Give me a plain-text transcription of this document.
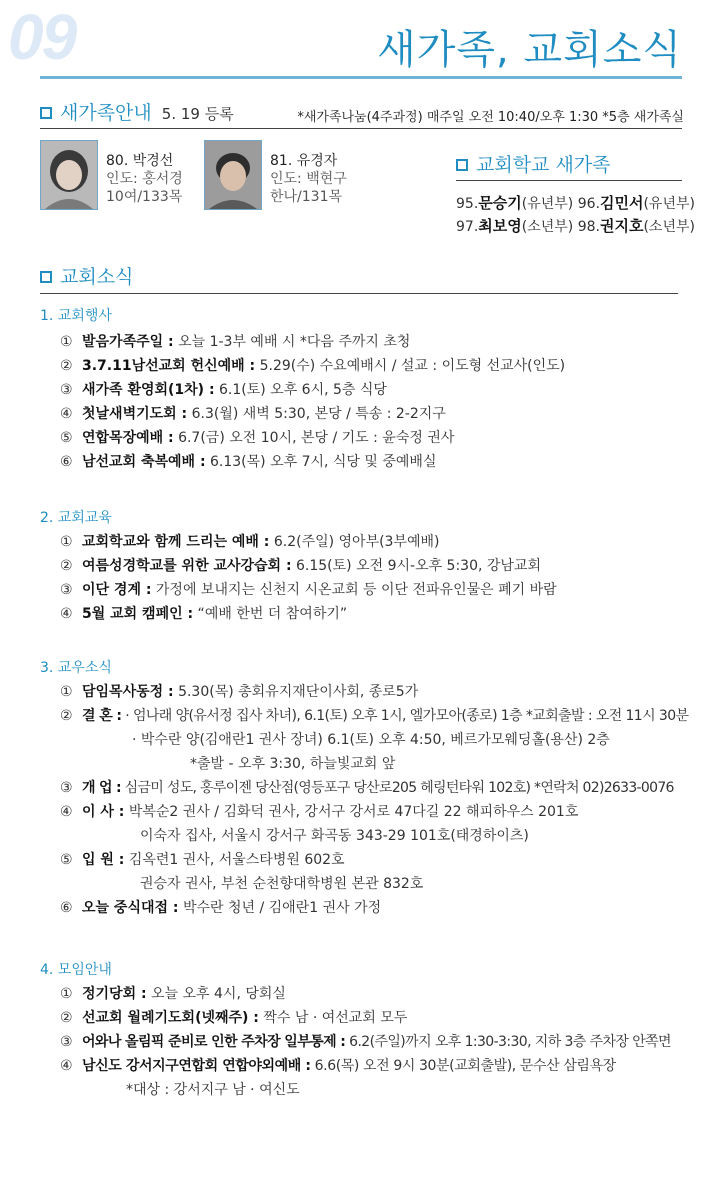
09	새가족, 교회소식
새가족안내 5. 19 등록	*새가족나눔(4주과정) 매주일 오전 10:40/오후 1:30 *5층 새가족실
80. 박경선
인도: 홍서경
10여/133목
81. 유경자
인도: 백현구
한나/131목
교회학교 새가족
95.문승기(유년부) 96.김민서(유년부)
97.최보영(소년부) 98.권지호(소년부)
교회소식
1. 교회행사
① 발음가족주일 : 오늘 1-3부 예배 시 *다음 주까지 초청
② 3.7.11남선교회 헌신예배 : 5.29(수) 수요예배시 / 설교 : 이도형 선교사(인도)
③ 새가족 환영회(1차) : 6.1(토) 오후 6시, 5층 식당
④ 첫날새벽기도회 : 6.3(월) 새벽 5:30, 본당 / 특송 : 2-2지구
⑤ 연합목장예배 : 6.7(금) 오전 10시, 본당 / 기도 : 윤숙정 권사
⑥ 남선교회 축복예배 : 6.13(목) 오후 7시, 식당 및 중예배실
2. 교회교육
① 교회학교와 함께 드리는 예배 : 6.2(주일) 영아부(3부예배)
② 여름성경학교를 위한 교사강습회 : 6.15(토) 오전 9시-오후 5:30, 강남교회
③ 이단 경계 : 가정에 보내지는 신천지 시온교회 등 이단 전파유인물은 폐기 바람
④ 5월 교회 캠페인 : “예배 한번 더 참여하기”
3. 교우소식
① 담임목사동정 : 5.30(목) 총회유지재단이사회, 종로5가
② 결 혼 : · 엄나래 양(유서정 집사 차녀), 6.1(토) 오후 1시, 엘가모아(종로) 1층 *교회출발 : 오전 11시 30분
· 박수란 양(김애란1 권사 장녀) 6.1(토) 오후 4:50, 베르가모웨딩홀(용산) 2층
*출발 - 오후 3:30, 하늘빛교회 앞
③ 개 업 : 심금미 성도, 홍루이젠 당산점(영등포구 당산로205 헤링턴타워 102호) *연락처 02)2633-0076
④ 이 사 : 박복순2 권사 / 김화덕 권사, 강서구 강서로 47다길 22 해피하우스 201호
이숙자 집사, 서울시 강서구 화곡동 343-29 101호(태경하이츠)
⑤ 입 원 : 김옥련1 권사, 서울스타병원 602호
권승자 권사, 부천 순천향대학병원 본관 832호
⑥ 오늘 중식대접 : 박수란 청년 / 김애란1 권사 가정
4. 모임안내
① 정기당회 : 오늘 오후 4시, 당회실
② 선교회 월례기도회(넷째주) : 짝수 남 · 여선교회 모두
③ 어와나 올림픽 준비로 인한 주차장 일부통제 : 6.2(주일)까지 오후 1:30-3:30, 지하 3층 주차장 안쪽면
④ 남신도 강서지구연합회 연합야외예배 : 6.6(목) 오전 9시 30분(교회출발), 문수산 삼림욕장
*대상 : 강서지구 남 · 여신도
